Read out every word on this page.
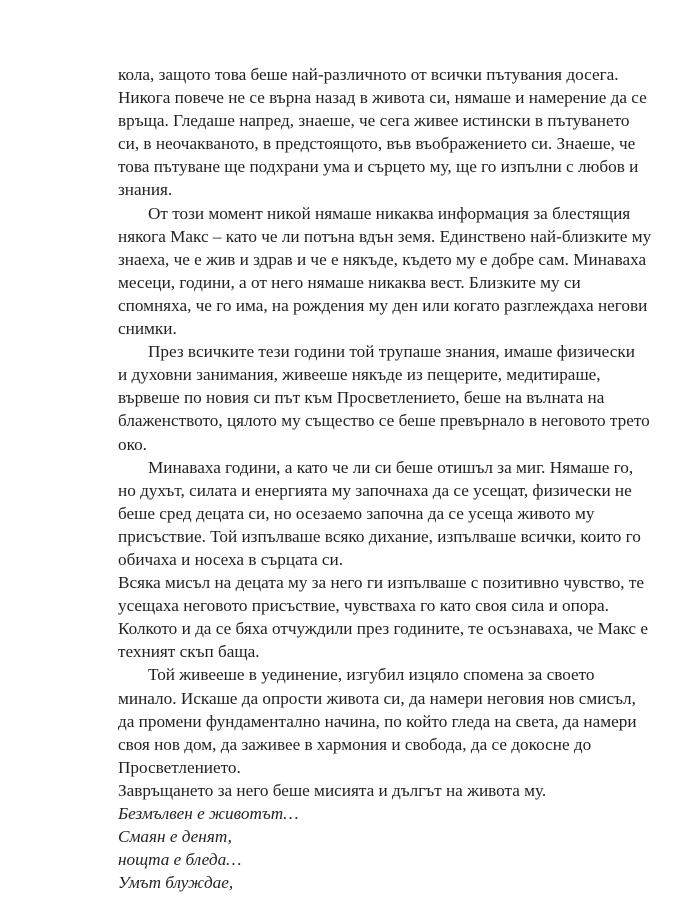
кола, защото това беше най-различното от всички пътувания досега.
Никога повече не се върна назад в живота си, нямаше и намерение да се
връща. Гледаше напред, знаеше, че сега живее истински в пътуването
си, в неочакваното, в предстоящото, във въображението си. Знаеше, че
това пътуване ще подхрани ума и сърцето му, ще го изпълни с любов и
знания.
От този момент никой нямаше никаква информация за блестящия
някога Макс – като че ли потъна вдън земя. Единствено най-близките му
знаеха, че е жив и здрав и че е някъде, където му е добре сам. Минаваха
месеци, години, а от него нямаше никаква вест. Близките му си
спомняха, че го има, на рождения му ден или когато разглеждаха негови
снимки.
През всичките тези години той трупаше знания, имаше физически
и духовни занимания, живееше някъде из пещерите, медитираше,
вървеше по новия си път към Просветлението, беше на вълната на
блаженството, цялото му същество се беше превърнало в неговото трето
око.
Минаваха години, а като че ли си беше отишъл за миг. Нямаше го,
но духът, силата и енергията му започнаха да се усещат, физически не
беше сред децата си, но осезаемо започна да се усеща живото му
присъствие. Той изпълваше всяко дихание, изпълваше всички, които го
обичаха и носеха в сърцата си.
Всяка мисъл на децата му за него ги изпълваше с позитивно чувство, те
усещаха неговото присъствие, чувстваха го като своя сила и опора.
Колкото и да се бяха отчуждили през годините, те осъзнаваха, че Макс е
техният скъп баща.
Той живееше в уединение, изгубил изцяло спомена за своето
минало. Искаше да опрости живота си, да намери неговия нов смисъл,
да промени фундаментално начина, по който гледа на света, да намери
своя нов дом, да заживее в хармония и свобода, да се докосне до
Просветлението.
Завръщането за него беше мисията и дългът на живота му.
Безмълвен е животът…
Смаян е денят,
нощта е бледа…
Умът блуждае,
